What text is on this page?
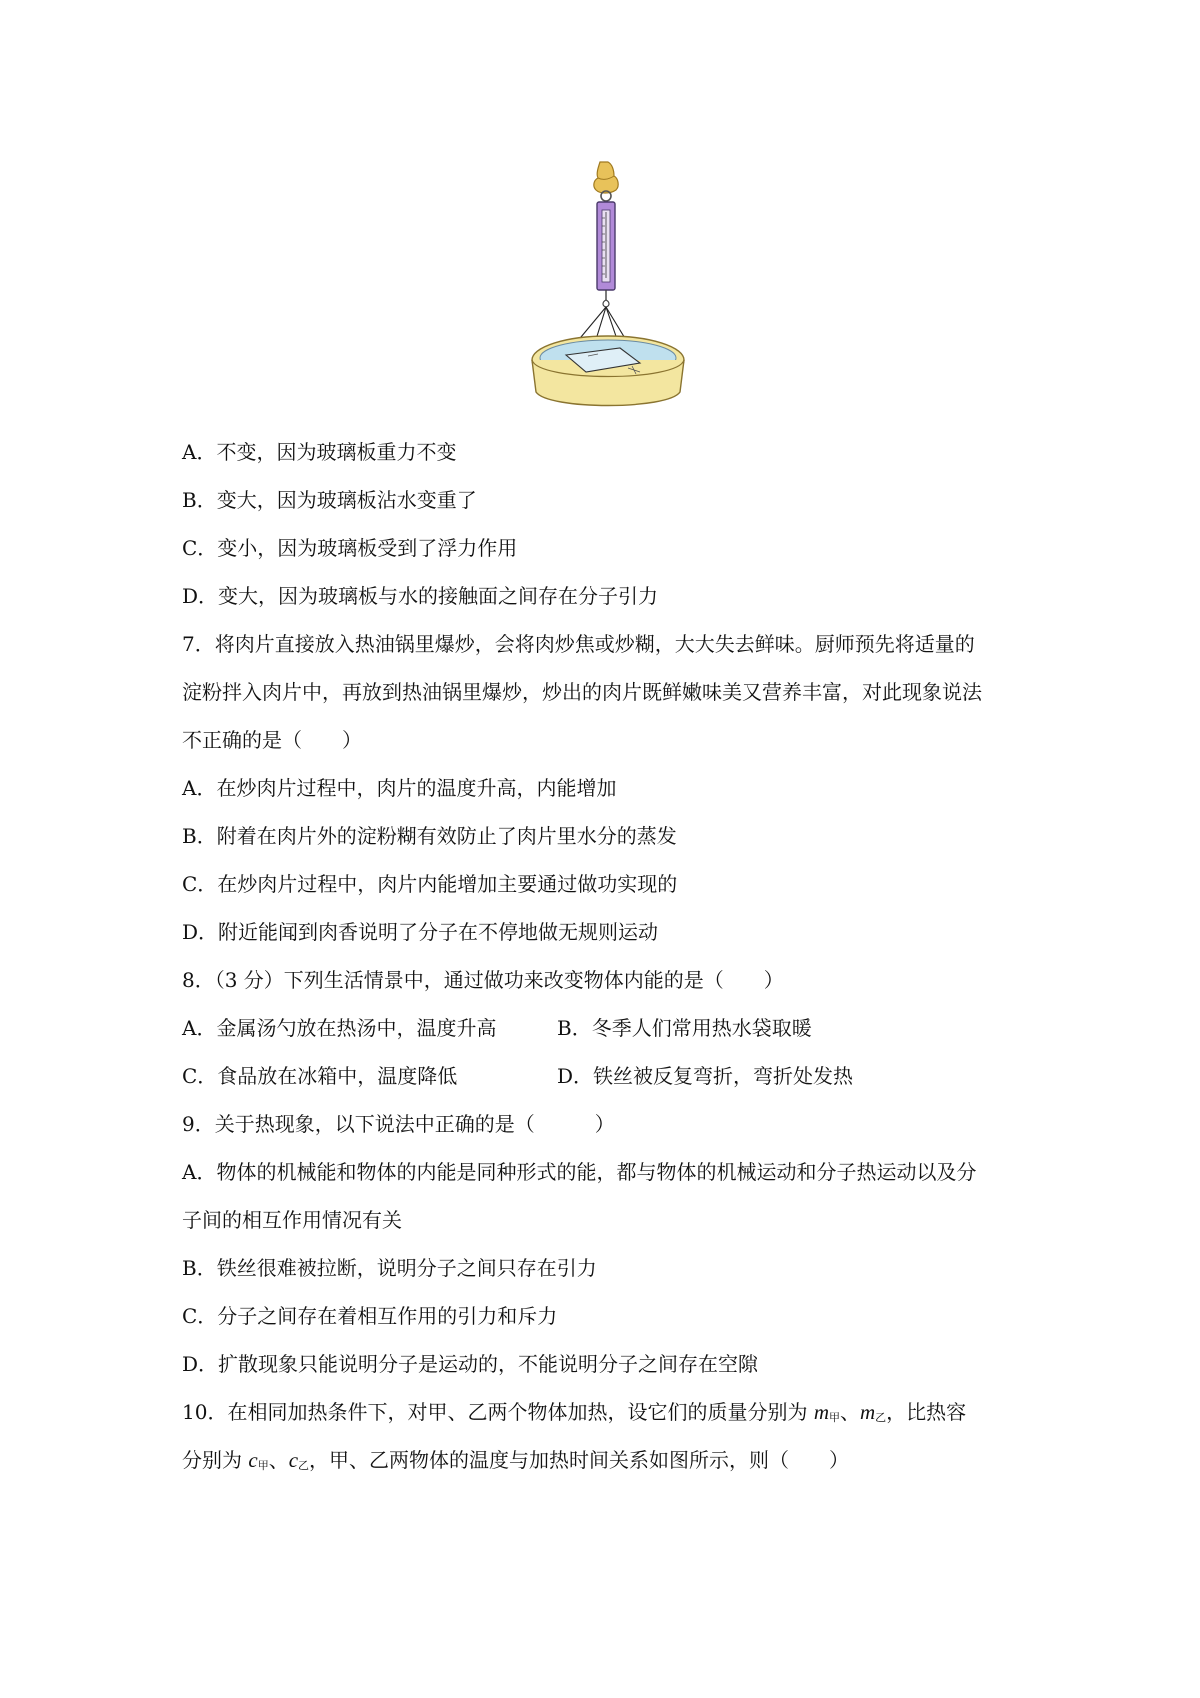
A．不变，因为玻璃板重力不变
B．变大，因为玻璃板沾水变重了
C．变小，因为玻璃板受到了浮力作用
D．变大，因为玻璃板与水的接触面之间存在分子引力
7．将肉片直接放入热油锅里爆炒，会将肉炒焦或炒糊，大大失去鲜味。厨师预先将适量的
淀粉拌入肉片中，再放到热油锅里爆炒，炒出的肉片既鲜嫩味美又营养丰富，对此现象说法
不正确的是（　　）
A．在炒肉片过程中，肉片的温度升高，内能增加
B．附着在肉片外的淀粉糊有效防止了肉片里水分的蒸发
C．在炒肉片过程中，肉片内能增加主要通过做功实现的
D．附近能闻到肉香说明了分子在不停地做无规则运动
8．（3 分）下列生活情景中，通过做功来改变物体内能的是（　　）
A．金属汤勺放在热汤中，温度升高	B．冬季人们常用热水袋取暖
C．食品放在冰箱中，温度降低	D．铁丝被反复弯折，弯折处发热
9．关于热现象，以下说法中正确的是（　　　）
A．物体的机械能和物体的内能是同种形式的能，都与物体的机械运动和分子热运动以及分
子间的相互作用情况有关
B．铁丝很难被拉断，说明分子之间只存在引力
C．分子之间存在着相互作用的引力和斥力
D．扩散现象只能说明分子是运动的，不能说明分子之间存在空隙
10．在相同加热条件下，对甲、乙两个物体加热，设它们的质量分别为 m甲、m乙，比热容
分别为 c甲、c乙，甲、乙两物体的温度与加热时间关系如图所示，则（　　）
